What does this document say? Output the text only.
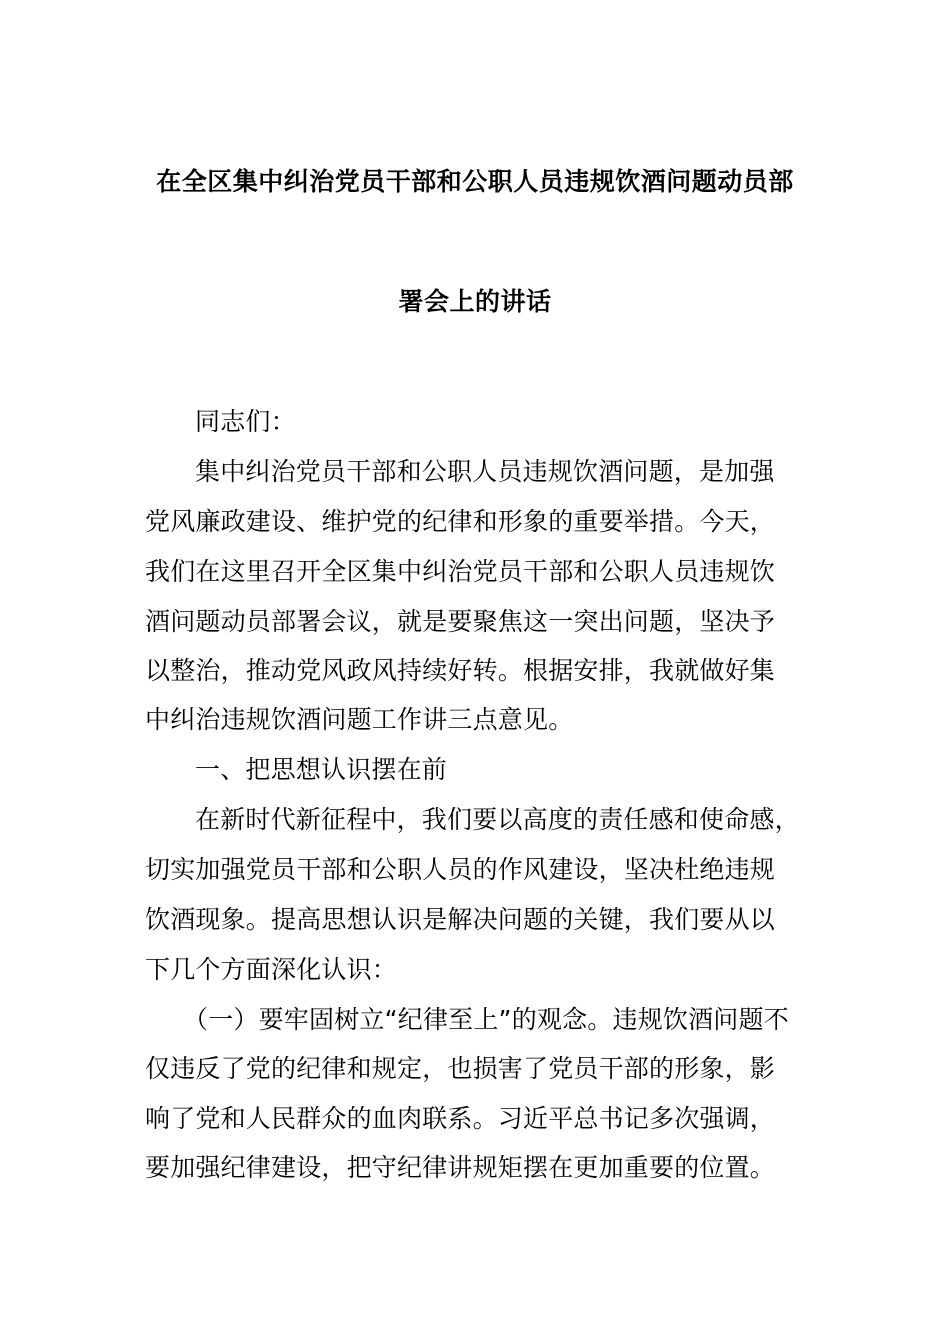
在全区集中纠治党员干部和公职人员违规饮酒问题动员部
署会上的讲话
同志们：
集中纠治党员干部和公职人员违规饮酒问题，是加强
党风廉政建设、维护党的纪律和形象的重要举措。今天，
我们在这里召开全区集中纠治党员干部和公职人员违规饮
酒问题动员部署会议，就是要聚焦这一突出问题，坚决予
以整治，推动党风政风持续好转。根据安排，我就做好集
中纠治违规饮酒问题工作讲三点意见。
一、把思想认识摆在前
在新时代新征程中，我们要以高度的责任感和使命感，
切实加强党员干部和公职人员的作风建设，坚决杜绝违规
饮酒现象。提高思想认识是解决问题的关键，我们要从以
下几个方面深化认识：
（一）要牢固树立“纪律至上”的观念。违规饮酒问题不
仅违反了党的纪律和规定，也损害了党员干部的形象，影
响了党和人民群众的血肉联系。习近平总书记多次强调，
要加强纪律建设，把守纪律讲规矩摆在更加重要的位置。
